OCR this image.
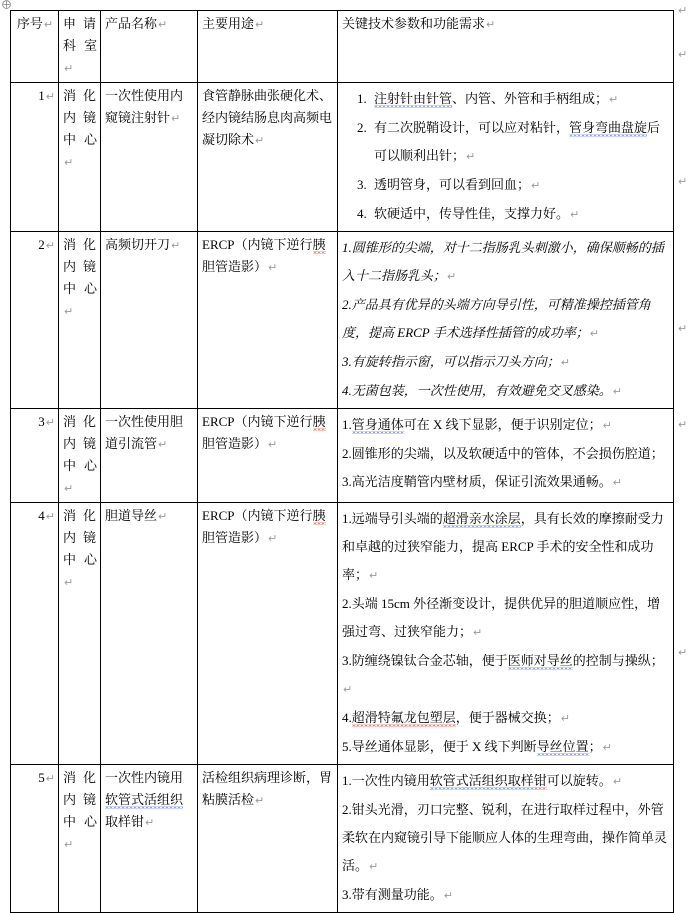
⨁	↵
↵
↵
↵
↵
↵
序号↵	申 请
科室↵	产品名称↵	主要用途↵	关键技术参数和功能需求↵
1↵	消 化
内 镜
中心↵	一次性使用内窥镜注射针↵	食管静脉曲张硬化术、经内镜结肠息肉高频电凝切除术↵	
1. 注射针由针管、内管、外管和手柄组成；↵
2. 有二次脱鞘设计，可以应对粘针，管身弯曲盘旋后可以顺利出针；↵
3. 透明管身，可以看到回血；↵
4. 软硬适中，传导性佳，支撑力好。↵

2↵	消 化
内 镜
中心↵	高频切开刀↵	ERCP（内镜下逆行胰胆管造影）↵	
1.圆锥形的尖端，对十二指肠乳头刺激小，确保顺畅的插入十二指肠乳头；↵
2.产品具有优异的头端方向导引性，可精准操控插管角度，提高 ERCP 手术选择性插管的成功率；↵
3.有旋转指示窗，可以指示刀头方向；↵
4.无菌包装，一次性使用，有效避免交叉感染。↵

3↵	消 化
内 镜
中心↵	一次性使用胆道引流管↵	ERCP（内镜下逆行胰胆管造影）↵	
1.管身通体可在 X 线下显影，便于识别定位；↵
2.圆锥形的尖端，以及软硬适中的管体，不会损伤腔道；3.高光洁度鞘管内壁材质，保证引流效果通畅。↵

4↵	消 化
内 镜
中心↵	胆道导丝↵	ERCP（内镜下逆行胰胆管造影）↵	
1.远端导引头端的超滑亲水涂层，具有长效的摩擦耐受力和卓越的过狭窄能力，提高 ERCP 手术的安全性和成功率；↵
2.头端 15cm 外径渐变设计，提供优异的胆道顺应性，增强过弯、过狭窄能力；↵
3.防缠绕镍钛合金芯轴，便于医师对导丝的控制与操纵；↵
4.超滑特氟龙包塑层，便于器械交换；↵
5.导丝通体显影，便于 X 线下判断导丝位置；↵

5↵	消 化
内 镜
中心↵	一次性内镜用软管式活组织取样钳↵	活检组织病理诊断，胃粘膜活检↵	
1.一次性内镜用软管式活组织取样钳可以旋转。↵
2.钳头光滑，刃口完整、锐利，在进行取样过程中，外管柔软在内窥镜引导下能顺应人体的生理弯曲，操作简单灵活。↵
3.带有测量功能。↵
